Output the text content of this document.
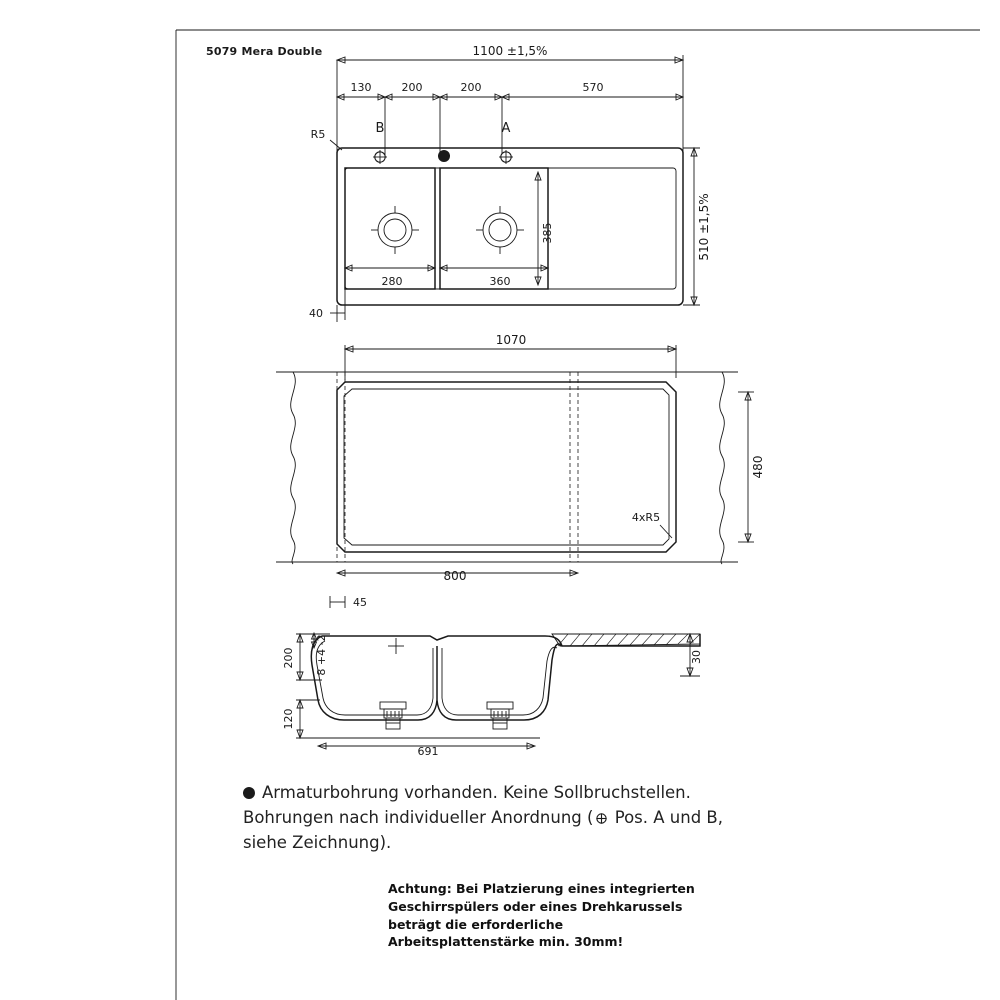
5079 Mera Double	1100 ±1,5%
130	200	200	570
R5	B	A
385
280	360
510 ±1,5%
40
1070
480
4xR5
800
45
200
120
8 +4 -2	30
691
Armaturbohrung vorhanden. Keine Sollbruchstellen.
Bohrungen nach individueller Anordnung ( Pos. A und B,
siehe Zeichnung).
Achtung: Bei Platzierung eines integrierten
Geschirrspülers oder eines Drehkarussels
beträgt die erforderliche
Arbeitsplattenstärke min. 30mm!
